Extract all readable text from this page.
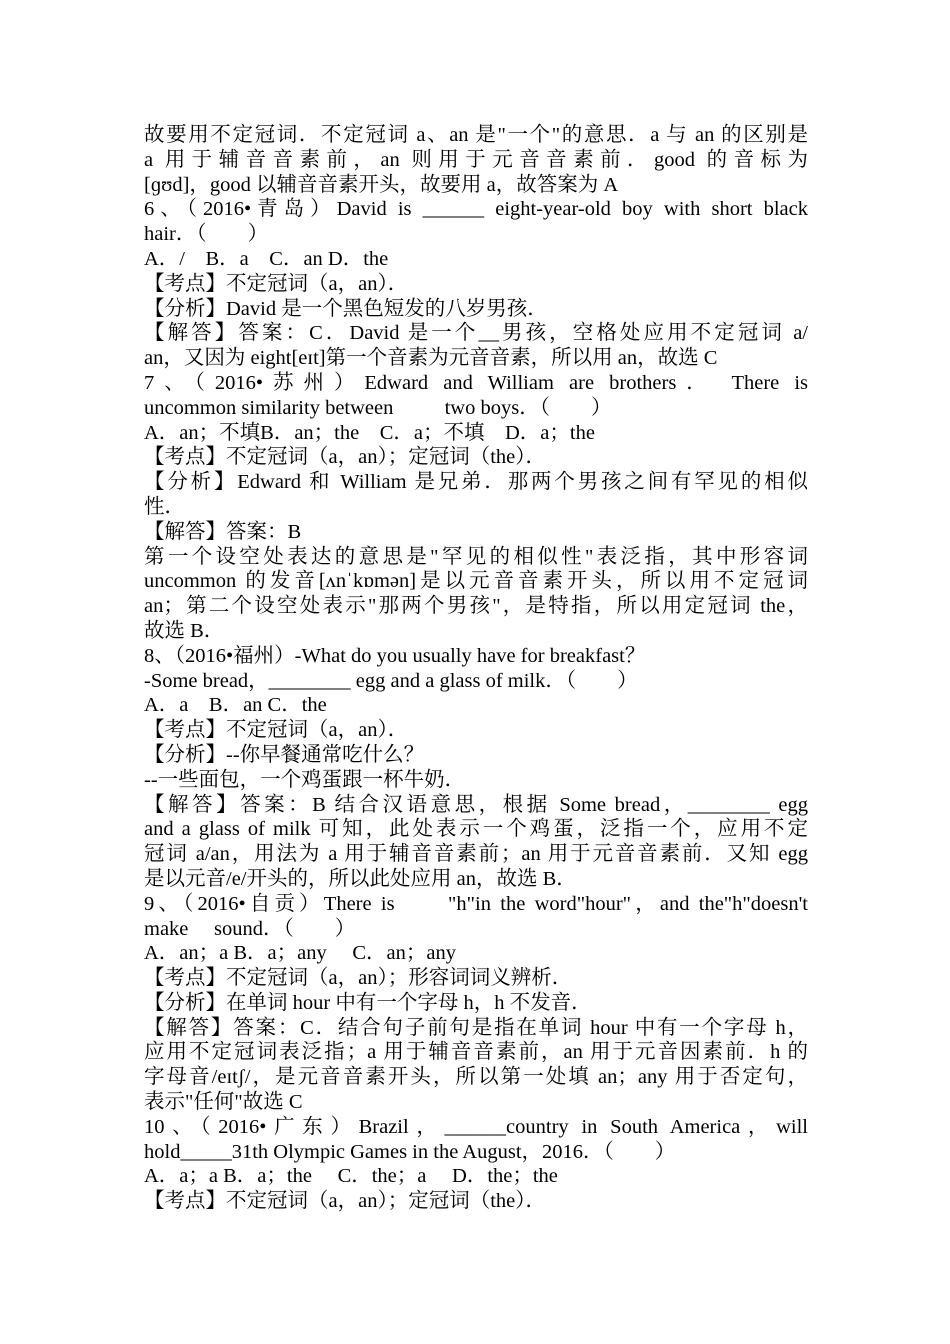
故要用不定冠词．不定冠词 a、an 是"一个"的意思．a 与 an 的区别是
a 用于辅音音素前，an 则用于元音音素前．good 的音标为
[ɡʊd]，good 以辅音音素开头，故要用 a，故答案为 A
6、（2016•青岛）David is ______ eight-year-old boy with short black
hair．（　　）
A．/　B．a　C．an D．the
【考点】不定冠词（a，an）．
【分析】David 是一个黑色短发的八岁男孩．
【解答】答案：C．David 是一个__男孩，空格处应用不定冠词 a/
an，又因为 eight[eɪt]第一个音素为元音音素，所以用 an，故选 C
7、（2016•苏州）Edward and William are brothers． There is
uncommon similarity between          two boys．（　　）
A．an；不填B．an；the　C．a；不填　D．a；the
【考点】不定冠词（a，an）；定冠词（the）．
【分析】Edward 和 William 是兄弟．那两个男孩之间有罕见的相似
性．
【解答】答案：B
第一个设空处表达的意思是"罕见的相似性"表泛指，其中形容词
uncommon 的发音[ʌnˈkɒmən]是以元音音素开头，所以用不定冠词
an；第二个设空处表示"那两个男孩"，是特指，所以用定冠词 the，
故选 B．
8、（2016•福州）-What do you usually have for breakfast？
-Some bread，________ egg and a glass of milk．（　　）
A．a　B．an C．the
【考点】不定冠词（a，an）．
【分析】--你早餐通常吃什么？
--一些面包，一个鸡蛋跟一杯牛奶．
【解答】答案：B 结合汉语意思，根据 Some bread，________ egg
and a glass of milk 可知，此处表示一个鸡蛋，泛指一个，应用不定
冠词 a/an，用法为 a 用于辅音音素前；an 用于元音音素前．又知 egg
是以元音/e/开头的，所以此处应用 an，故选 B．
9、（2016•自贡）There is　　"h"in the word"hour"，and the"h"doesn't
make　 sound．（　　）
A．an；a B．a；any　 C．an；any
【考点】不定冠词（a，an）；形容词词义辨析．
【分析】在单词 hour 中有一个字母 h，h 不发音．
【解答】答案：C．结合句子前句是指在单词 hour 中有一个字母 h，
应用不定冠词表泛指；a 用于辅音音素前，an 用于元音因素前．h 的
字母音/eɪtʃ/，是元音音素开头，所以第一处填 an；any 用于否定句，
表示"任何"故选 C
10、（2016•广东）Brazil，______country in South America，will
hold_____31th Olympic Games in the August，2016．（　　）
A．a；a B．a；the　 C．the；a　 D．the；the
【考点】不定冠词（a，an）；定冠词（the）．
